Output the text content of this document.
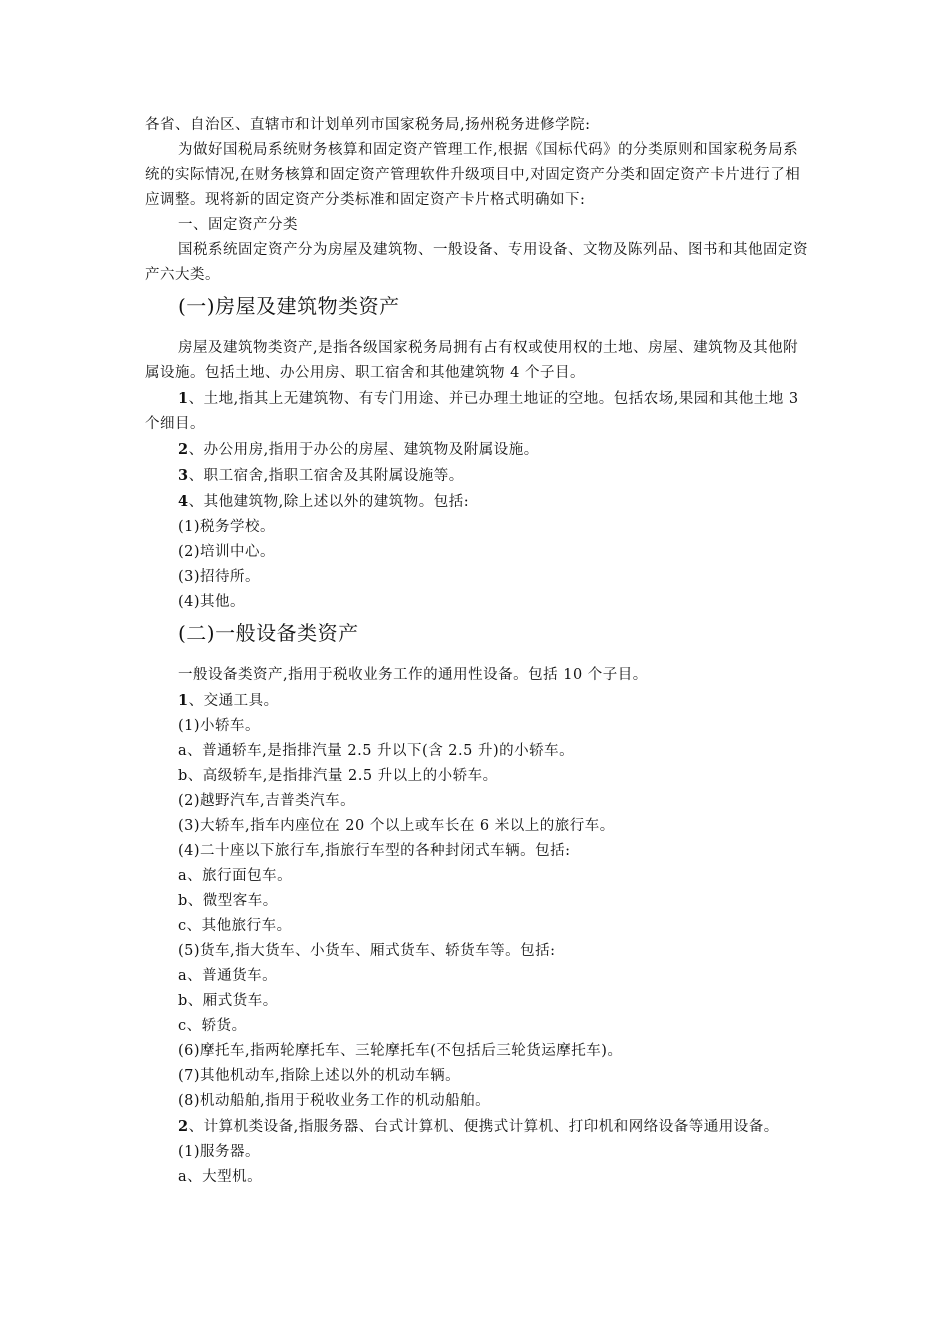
各省、自治区、直辖市和计划单列市国家税务局,扬州税务进修学院:

为做好国税局系统财务核算和固定资产管理工作,根据《国标代码》的分类原则和国家税务局系统的实际情况,在财务核算和固定资产管理软件升级项目中,对固定资产分类和固定资产卡片进行了相应调整。现将新的固定资产分类标准和固定资产卡片格式明确如下:

一、固定资产分类

国税系统固定资产分为房屋及建筑物、一般设备、专用设备、文物及陈列品、图书和其他固定资产六大类。

(一)房屋及建筑物类资产

房屋及建筑物类资产,是指各级国家税务局拥有占有权或使用权的土地、房屋、建筑物及其他附属设施。包括土地、办公用房、职工宿舍和其他建筑物 4 个子目。

1、土地,指其上无建筑物、有专门用途、并已办理土地证的空地。包括农场,果园和其他土地 3 个细目。

2、办公用房,指用于办公的房屋、建筑物及附属设施。

3、职工宿舍,指职工宿舍及其附属设施等。

4、其他建筑物,除上述以外的建筑物。包括:

(1)税务学校。

(2)培训中心。

(3)招待所。

(4)其他。

(二)一般设备类资产

一般设备类资产,指用于税收业务工作的通用性设备。包括 10 个子目。

1、交通工具。

(1)小轿车。

a、普通轿车,是指排汽量 2.5 升以下(含 2.5 升)的小轿车。

b、高级轿车,是指排汽量 2.5 升以上的小轿车。

(2)越野汽车,吉普类汽车。

(3)大轿车,指车内座位在 20 个以上或车长在 6 米以上的旅行车。

(4)二十座以下旅行车,指旅行车型的各种封闭式车辆。包括:

a、旅行面包车。

b、微型客车。

c、其他旅行车。

(5)货车,指大货车、小货车、厢式货车、轿货车等。包括:

a、普通货车。

b、厢式货车。

c、轿货。

(6)摩托车,指两轮摩托车、三轮摩托车(不包括后三轮货运摩托车)。

(7)其他机动车,指除上述以外的机动车辆。

(8)机动船舶,指用于税收业务工作的机动船舶。

2、计算机类设备,指服务器、台式计算机、便携式计算机、打印机和网络设备等通用设备。

(1)服务器。

a、大型机。
